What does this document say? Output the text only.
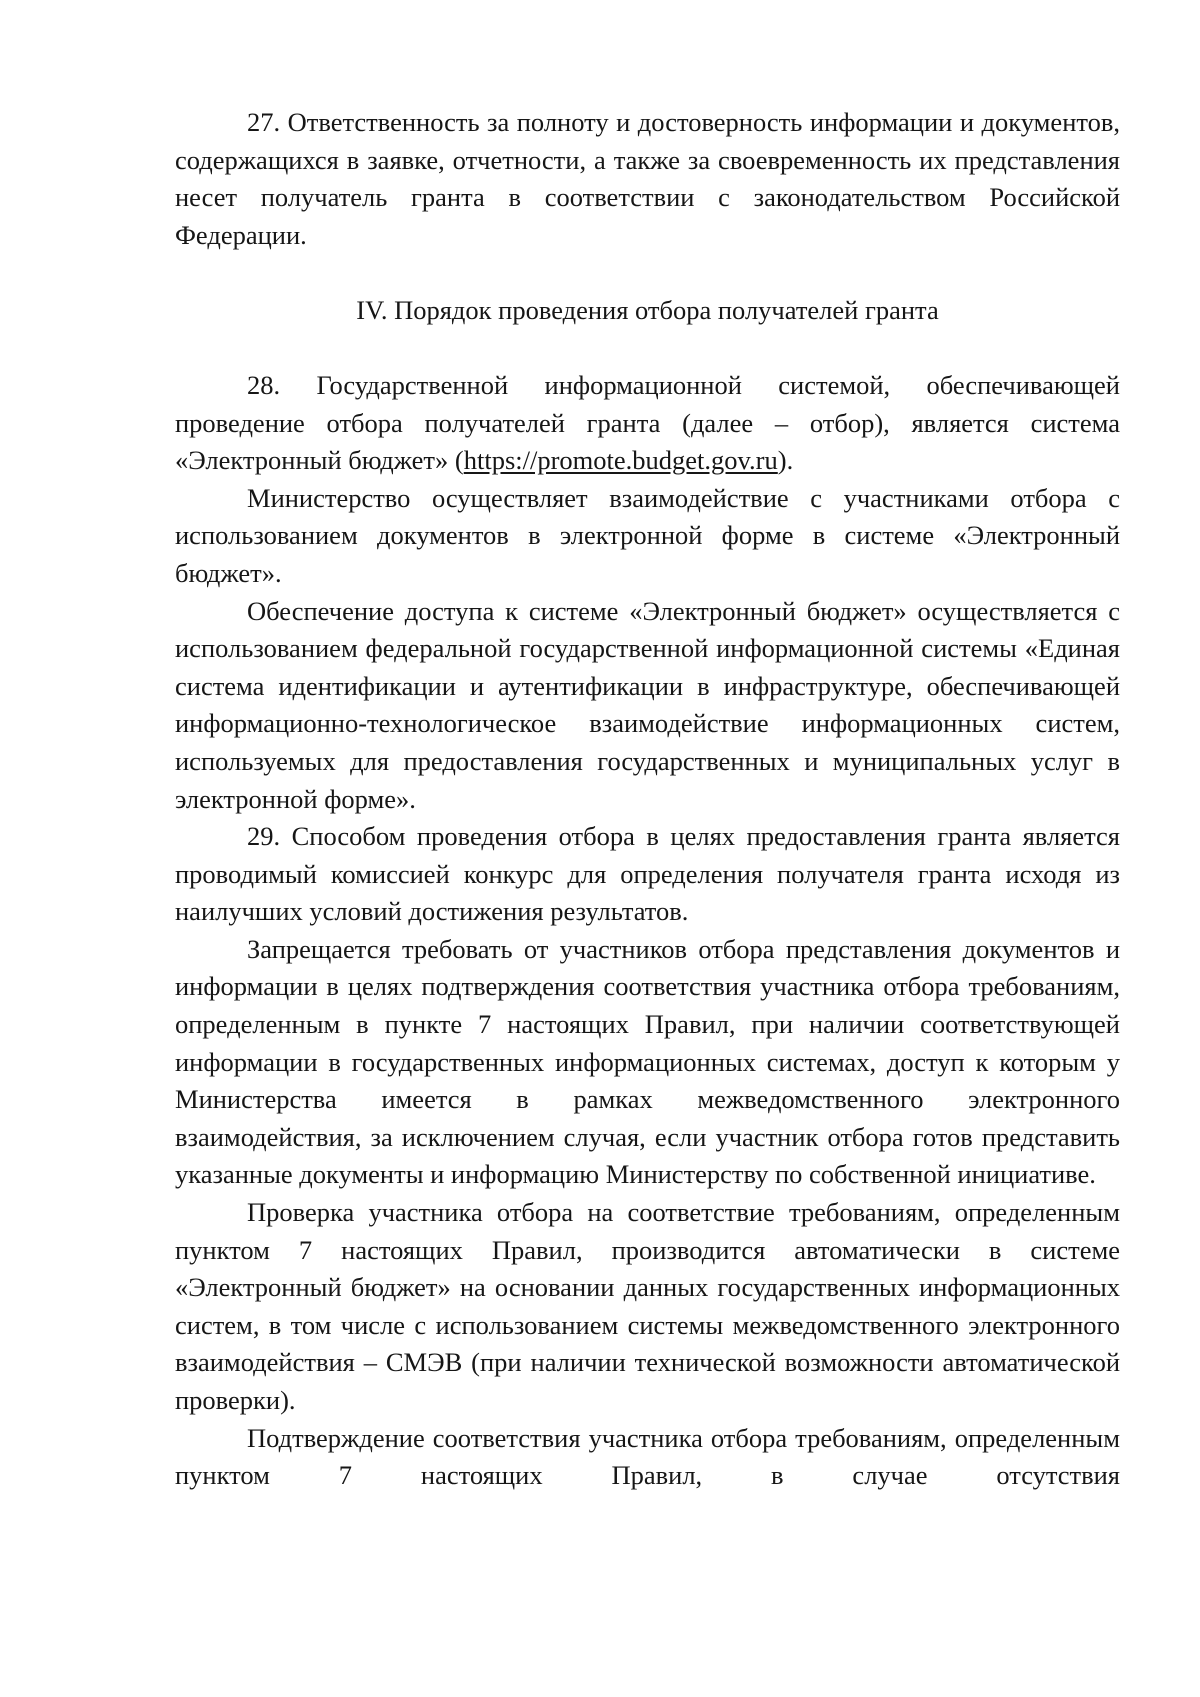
27. Ответственность за полноту и достоверность информации и документов, содержащихся в заявке, отчетности, а также за своевременность их представления несет получатель гранта в соответствии с законодательством Российской Федерации.

IV. Порядок проведения отбора получателей гранта

28. Государственной информационной системой, обеспечивающей проведение отбора получателей гранта (далее – отбор), является система «Электронный бюджет» (https://promote.budget.gov.ru).

Министерство осуществляет взаимодействие с участниками отбора с использованием документов в электронной форме в системе «Электронный бюджет».

Обеспечение доступа к системе «Электронный бюджет» осуществляется с использованием федеральной государственной информационной системы «Единая система идентификации и аутентификации в инфраструктуре, обеспечивающей информационно-технологическое взаимодействие информационных систем, используемых для предоставления государственных и муниципальных услуг в электронной форме».

29. Способом проведения отбора в целях предоставления гранта является проводимый комиссией конкурс для определения получателя гранта исходя из наилучших условий достижения результатов.

Запрещается требовать от участников отбора представления документов и информации в целях подтверждения соответствия участника отбора требованиям, определенным в пункте 7 настоящих Правил, при наличии соответствующей информации в государственных информационных системах, доступ к которым у Министерства имеется в рамках межведомственного электронного взаимодействия, за исключением случая, если участник отбора готов представить указанные документы и информацию Министерству по собственной инициативе.

Проверка участника отбора на соответствие требованиям, определенным пунктом 7 настоящих Правил, производится автоматически в системе «Электронный бюджет» на основании данных государственных информационных систем, в том числе с использованием системы межведомственного электронного взаимодействия – СМЭВ (при наличии технической возможности автоматической проверки).

Подтверждение соответствия участника отбора требованиям, определенным пунктом 7 настоящих Правил, в случае отсутствия
